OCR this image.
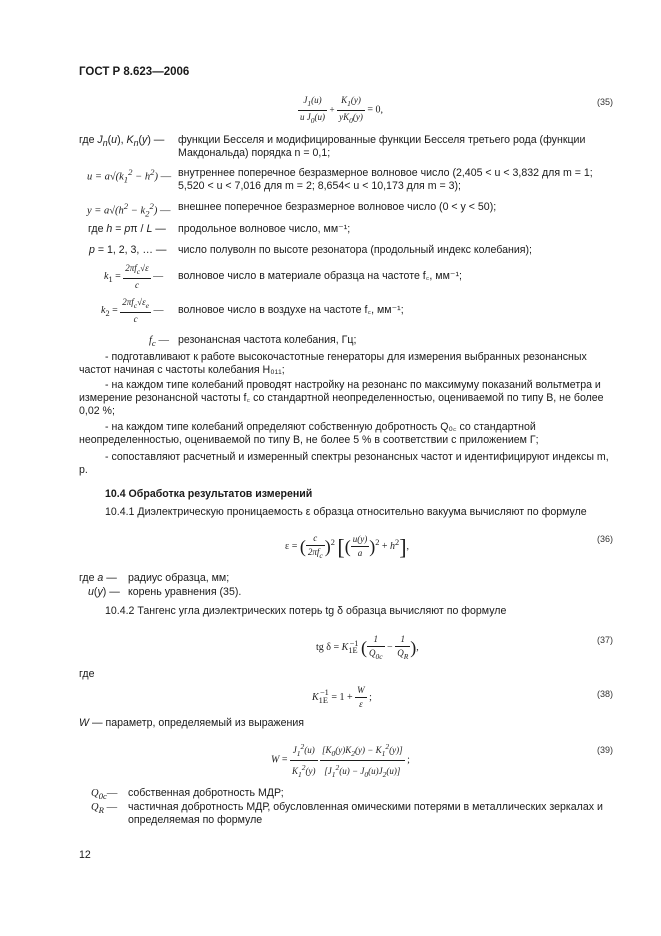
ГОСТ Р 8.623—2006
$\frac{J_1(u)}{u J_0(u)} + \frac{K_1(y)}{yK_0(y)} = 0$,
(35)
где $J_n(u)$, $K_n(y)$ — функции Бесселя и модифицированные функции Бесселя третьего рода (функции Макдональда) порядка n = 0,1;
$u = a√(k_1^2 - h^2)$ — внутреннее поперечное безразмерное волновое число (2,405 < u < 3,832 для m = 1; 5,520 < u < 7,016 для m = 2; 8,654< u < 10,173 для m = 3);
$y = a√(h^2 - k_2^2)$ — внешнее поперечное безразмерное волновое число (0 < y < 50);
где h = pπ / L — продольное волновое число, мм⁻¹;
p = 1, 2, 3, … — число полуволн по высоте резонатора (продольный индекс колебания);
$k_1 = \frac{2\pi f_c√\varepsilon}{c}$ — волновое число в материале образца на частоте f꜀, мм⁻¹;
$k_2 = \frac{2\pi f_c√\varepsilon_e}{c}$ — волновое число в воздухе на частоте f꜀, мм⁻¹;
$f_c$ — резонансная частота колебания, Гц;
- подготавливают к работе высокочастотные генераторы для измерения выбранных резонансных частот начиная с частоты колебания H₀₁₁;
- на каждом типе колебаний проводят настройку на резонанс по максимуму показаний вольтметра и измерение резонансной частоты f꜀ со стандартной неопределенностью, оцениваемой по типу В, не более 0,02 %;
- на каждом типе колебаний определяют собственную добротность Q₀꜀ со стандартной неопределенностью, оцениваемой по типу В, не более 5 % в соответствии с приложением Г;
- сопоставляют расчетный и измеренный спектры резонансных частот и идентифицируют индексы m, p.
10.4 Обработка результатов измерений
10.4.1 Диэлектрическую проницаемость ε образца относительно вакуума вычисляют по формуле
ε = ( $\frac{c}{2\pi f_c} )^2$ [( $\frac{u(y)}{a} )^2 + h^2$],
(36)
где a — радиус образца, мм;
u(y) — корень уравнения (35).
10.4.2 Тангенс угла диэлектрических потерь tg δ образца вычисляют по формуле
tg $\delta = K_{1E}^{-1}$ ( $\frac{1}{Q_{0c}} - \frac{1}{Q_R}$ ),
(37)
где
$K_{1E}^{-1} = 1 + \frac{W}{\varepsilon}$ ;	(38)
W — параметр, определяемый из выражения
$W = \frac{J_1^2(u)}{K_1^2(y)}$
$\frac{[K_0(y)K_2(y) - K_1^2(y)]}{[J_1^2(u) - J_0(u)J_2(u)]}$ ;
(39)
$Q_{0c}—$ собственная добротность МДР;
$Q_R$ — частичная добротность МДР, обусловленная омическими потерями в металлических зеркалах и определяемая по формуле
12
